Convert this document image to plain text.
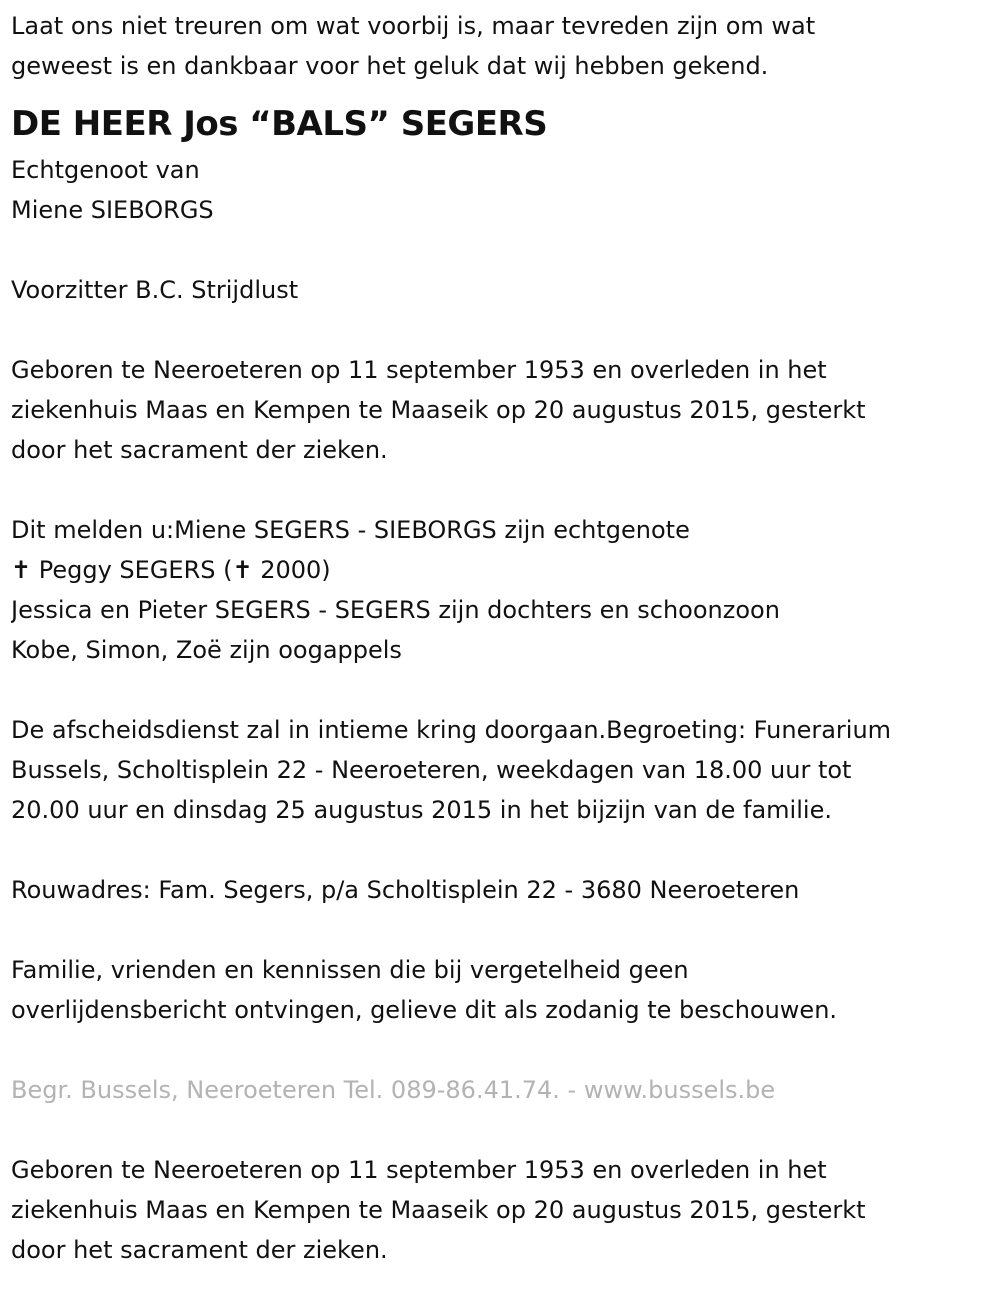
Laat ons niet treuren om wat voorbij is, maar tevreden zijn om wat
geweest is en dankbaar voor het geluk dat wij hebben gekend.
DE HEER Jos “BALS” SEGERS
Echtgenoot van
Miene SIEBORGS
Voorzitter B.C. Strijdlust
Geboren te Neeroeteren op 11 september 1953 en overleden in het
ziekenhuis Maas en Kempen te Maaseik op 20 augustus 2015, gesterkt
door het sacrament der zieken.
Dit melden u:Miene SEGERS - SIEBORGS zijn echtgenote
✝ Peggy SEGERS (✝ 2000)
Jessica en Pieter SEGERS - SEGERS zijn dochters en schoonzoon
Kobe, Simon, Zoë zijn oogappels
De afscheidsdienst zal in intieme kring doorgaan.Begroeting: Funerarium
Bussels, Scholtisplein 22 - Neeroeteren, weekdagen van 18.00 uur tot
20.00 uur en dinsdag 25 augustus 2015 in het bijzijn van de familie.
Rouwadres: Fam. Segers, p/a Scholtisplein 22 - 3680 Neeroeteren
Familie, vrienden en kennissen die bij vergetelheid geen
overlijdensbericht ontvingen, gelieve dit als zodanig te beschouwen.
Begr. Bussels, Neeroeteren Tel. 089-86.41.74. - www.bussels.be
Geboren te Neeroeteren op 11 september 1953 en overleden in het
ziekenhuis Maas en Kempen te Maaseik op 20 augustus 2015, gesterkt
door het sacrament der zieken.
